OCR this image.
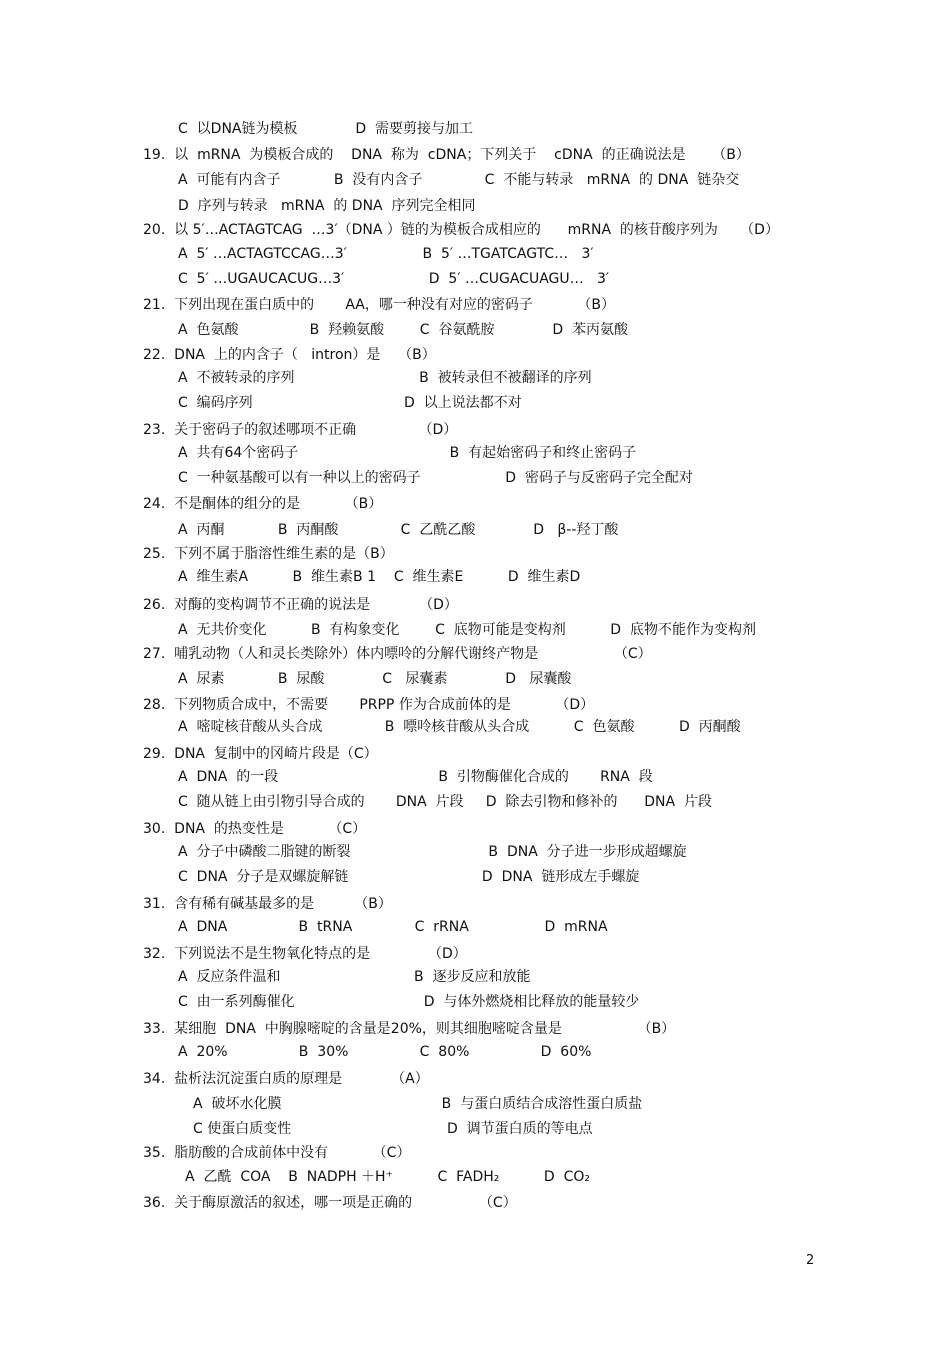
C  以DNA链为模板             D  需要剪接与加工
19.  以  mRNA  为模板合成的    DNA  称为  cDNA；下列关于    cDNA  的正确说法是      （B）
A  可能有内含子            B  没有内含子              C  不能与转录   mRNA  的 DNA  链杂交
D  序列与转录   mRNA  的 DNA  序列完全相同
20.  以 5′…ACTAGTCAG  …3′（DNA ）链的为模板合成相应的      mRNA  的核苷酸序列为     （D）
A  5′ …ACTAGTCCAG…3′                 B  5′ …TGATCAGTC…   3′
C  5′ …UGAUCACUG…3′                   D  5′ …CUGACUAGU…   3′
21.  下列出现在蛋白质中的       AA，哪一种没有对应的密码子          （B）
A  色氨酸                B  羟赖氨酸        C  谷氨酰胺             D  苯丙氨酸
22.  DNA  上的内含子（   intron）是    （B）
A  不被转录的序列                            B  被转录但不被翻译的序列
C  编码序列                                  D  以上说法都不对
23.  关于密码子的叙述哪项不正确              （D）
A  共有64个密码子                                  B  有起始密码子和终止密码子
C  一种氨基酸可以有一种以上的密码子                   D  密码子与反密码子完全配对
24.  不是酮体的组分的是          （B）
A  丙酮            B  丙酮酸              C  乙酰乙酸             D   β--羟丁酸
25.  下列不属于脂溶性维生素的是（B）
A  维生素A          B  维生素B 1    C  维生素E          D  维生素D
26.  对酶的变构调节不正确的说法是           （D）
A  无共价变化          B  有构象变化        C  底物可能是变构剂          D  底物不能作为变构剂
27.  哺乳动物（人和灵长类除外）体内嘌呤的分解代谢终产物是                 （C）
A  尿素            B  尿酸             C   尿囊素             D   尿囊酸
28.  下列物质合成中，不需要       PRPP 作为合成前体的是          （D）
A  嘧啶核苷酸从头合成              B  嘌呤核苷酸从头合成          C  色氨酸          D  丙酮酸
29.  DNA  复制中的冈崎片段是（C）
A  DNA  的一段                                    B  引物酶催化合成的       RNA  段
C  随从链上由引物引导合成的       DNA  片段     D  除去引物和修补的      DNA  片段
30.  DNA  的热变性是          （C）
A  分子中磷酸二脂键的断裂                               B  DNA  分子进一步形成超螺旋
C  DNA  分子是双螺旋解链                              D  DNA  链形成左手螺旋
31.  含有稀有碱基最多的是         （B）
A  DNA                B  tRNA              C  rRNA                 D  mRNA
32.  下列说法不是生物氧化特点的是             （D）
A  反应条件温和                              B  逐步反应和放能
C  由一系列酶催化                             D  与体外燃烧相比释放的能量较少
33.  某细胞  DNA  中胸腺嘧啶的含量是20%，则其细胞嘧啶含量是                 （B）
A  20%                B  30%                C  80%                D  60%
34.  盐析法沉淀蛋白质的原理是           （A）
A  破坏水化膜                                    B  与蛋白质结合成溶性蛋白质盐
C 使蛋白质变性                                   D  调节蛋白质的等电点
35.  脂肪酸的合成前体中没有          （C）
A  乙酰  COA    B  NADPH ＋H⁺          C  FADH₂          D  CO₂
36.  关于酶原激活的叙述，哪一项是正确的               （C）
2
